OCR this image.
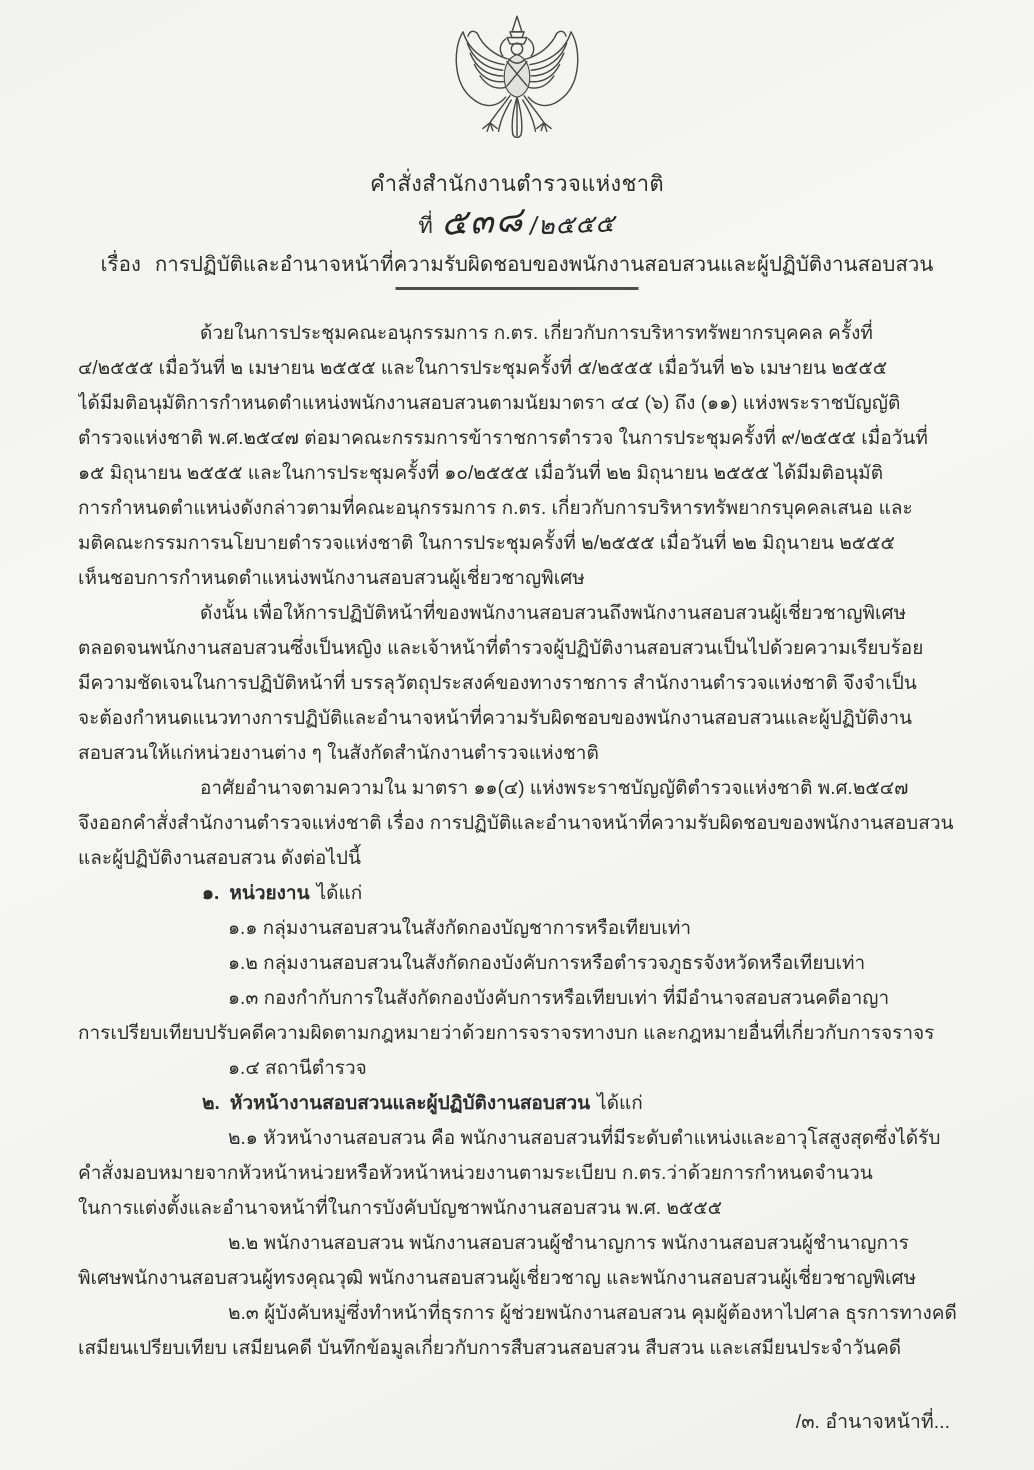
คำสั่งสำนักงานตำรวจแห่งชาติ
ที่ ๕๓๘ /๒๕๕๕
เรื่อง การปฏิบัติและอำนาจหน้าที่ความรับผิดชอบของพนักงานสอบสวนและผู้ปฏิบัติงานสอบสวน
ด้วยในการประชุมคณะอนุกรรมการ ก.ตร. เกี่ยวกับการบริหารทรัพยากรบุคคล ครั้งที่
๔/๒๕๕๕ เมื่อวันที่ ๒ เมษายน ๒๕๕๕ และในการประชุมครั้งที่ ๕/๒๕๕๕ เมื่อวันที่ ๒๖ เมษายน ๒๕๕๕
ได้มีมติอนุมัติการกำหนดตำแหน่งพนักงานสอบสวนตามนัยมาตรา ๔๔ (๖) ถึง (๑๑) แห่งพระราชบัญญัติ
ตำรวจแห่งชาติ พ.ศ.๒๕๔๗ ต่อมาคณะกรรมการข้าราชการตำรวจ ในการประชุมครั้งที่ ๙/๒๕๕๕ เมื่อวันที่
๑๕ มิถุนายน ๒๕๕๕ และในการประชุมครั้งที่ ๑๐/๒๕๕๕ เมื่อวันที่ ๒๒ มิถุนายน ๒๕๕๕ ได้มีมติอนุมัติ
การกำหนดตำแหน่งดังกล่าวตามที่คณะอนุกรรมการ ก.ตร. เกี่ยวกับการบริหารทรัพยากรบุคคลเสนอ และ
มติคณะกรรมการนโยบายตำรวจแห่งชาติ ในการประชุมครั้งที่ ๒/๒๕๕๕ เมื่อวันที่ ๒๒ มิถุนายน ๒๕๕๕
เห็นชอบการกำหนดตำแหน่งพนักงานสอบสวนผู้เชี่ยวชาญพิเศษ
ดังนั้น เพื่อให้การปฏิบัติหน้าที่ของพนักงานสอบสวนถึงพนักงานสอบสวนผู้เชี่ยวชาญพิเศษ
ตลอดจนพนักงานสอบสวนซึ่งเป็นหญิง และเจ้าหน้าที่ตำรวจผู้ปฏิบัติงานสอบสวนเป็นไปด้วยความเรียบร้อย
มีความชัดเจนในการปฏิบัติหน้าที่ บรรลุวัตถุประสงค์ของทางราชการ สำนักงานตำรวจแห่งชาติ จึงจำเป็น
จะต้องกำหนดแนวทางการปฏิบัติและอำนาจหน้าที่ความรับผิดชอบของพนักงานสอบสวนและผู้ปฏิบัติงาน
สอบสวนให้แก่หน่วยงานต่าง ๆ ในสังกัดสำนักงานตำรวจแห่งชาติ
อาศัยอำนาจตามความใน มาตรา ๑๑(๔) แห่งพระราชบัญญัติตำรวจแห่งชาติ พ.ศ.๒๕๔๗
จึงออกคำสั่งสำนักงานตำรวจแห่งชาติ เรื่อง การปฏิบัติและอำนาจหน้าที่ความรับผิดชอบของพนักงานสอบสวน
และผู้ปฏิบัติงานสอบสวน ดังต่อไปนี้
๑. หน่วยงาน ได้แก่
๑.๑ กลุ่มงานสอบสวนในสังกัดกองบัญชาการหรือเทียบเท่า
๑.๒ กลุ่มงานสอบสวนในสังกัดกองบังคับการหรือตำรวจภูธรจังหวัดหรือเทียบเท่า
๑.๓ กองกำกับการในสังกัดกองบังคับการหรือเทียบเท่า ที่มีอำนาจสอบสวนคดีอาญา
การเปรียบเทียบปรับคดีความผิดตามกฎหมายว่าด้วยการจราจรทางบก และกฎหมายอื่นที่เกี่ยวกับการจราจร
๑.๔ สถานีตำรวจ
๒. หัวหน้างานสอบสวนและผู้ปฏิบัติงานสอบสวน ได้แก่
๒.๑ หัวหน้างานสอบสวน คือ พนักงานสอบสวนที่มีระดับตำแหน่งและอาวุโสสูงสุดซึ่งได้รับ
คำสั่งมอบหมายจากหัวหน้าหน่วยหรือหัวหน้าหน่วยงานตามระเบียบ ก.ตร.ว่าด้วยการกำหนดจำนวน
ในการแต่งตั้งและอำนาจหน้าที่ในการบังคับบัญชาพนักงานสอบสวน พ.ศ. ๒๕๕๕
๒.๒ พนักงานสอบสวน พนักงานสอบสวนผู้ชำนาญการ พนักงานสอบสวนผู้ชำนาญการ
พิเศษพนักงานสอบสวนผู้ทรงคุณวุฒิ พนักงานสอบสวนผู้เชี่ยวชาญ และพนักงานสอบสวนผู้เชี่ยวชาญพิเศษ
๒.๓ ผู้บังคับหมู่ซึ่งทำหน้าที่ธุรการ ผู้ช่วยพนักงานสอบสวน คุมผู้ต้องหาไปศาล ธุรการทางคดี
เสมียนเปรียบเทียบ เสมียนคดี บันทึกข้อมูลเกี่ยวกับการสืบสวนสอบสวน สืบสวน และเสมียนประจำวันคดี
/๓. อำนาจหน้าที่...
